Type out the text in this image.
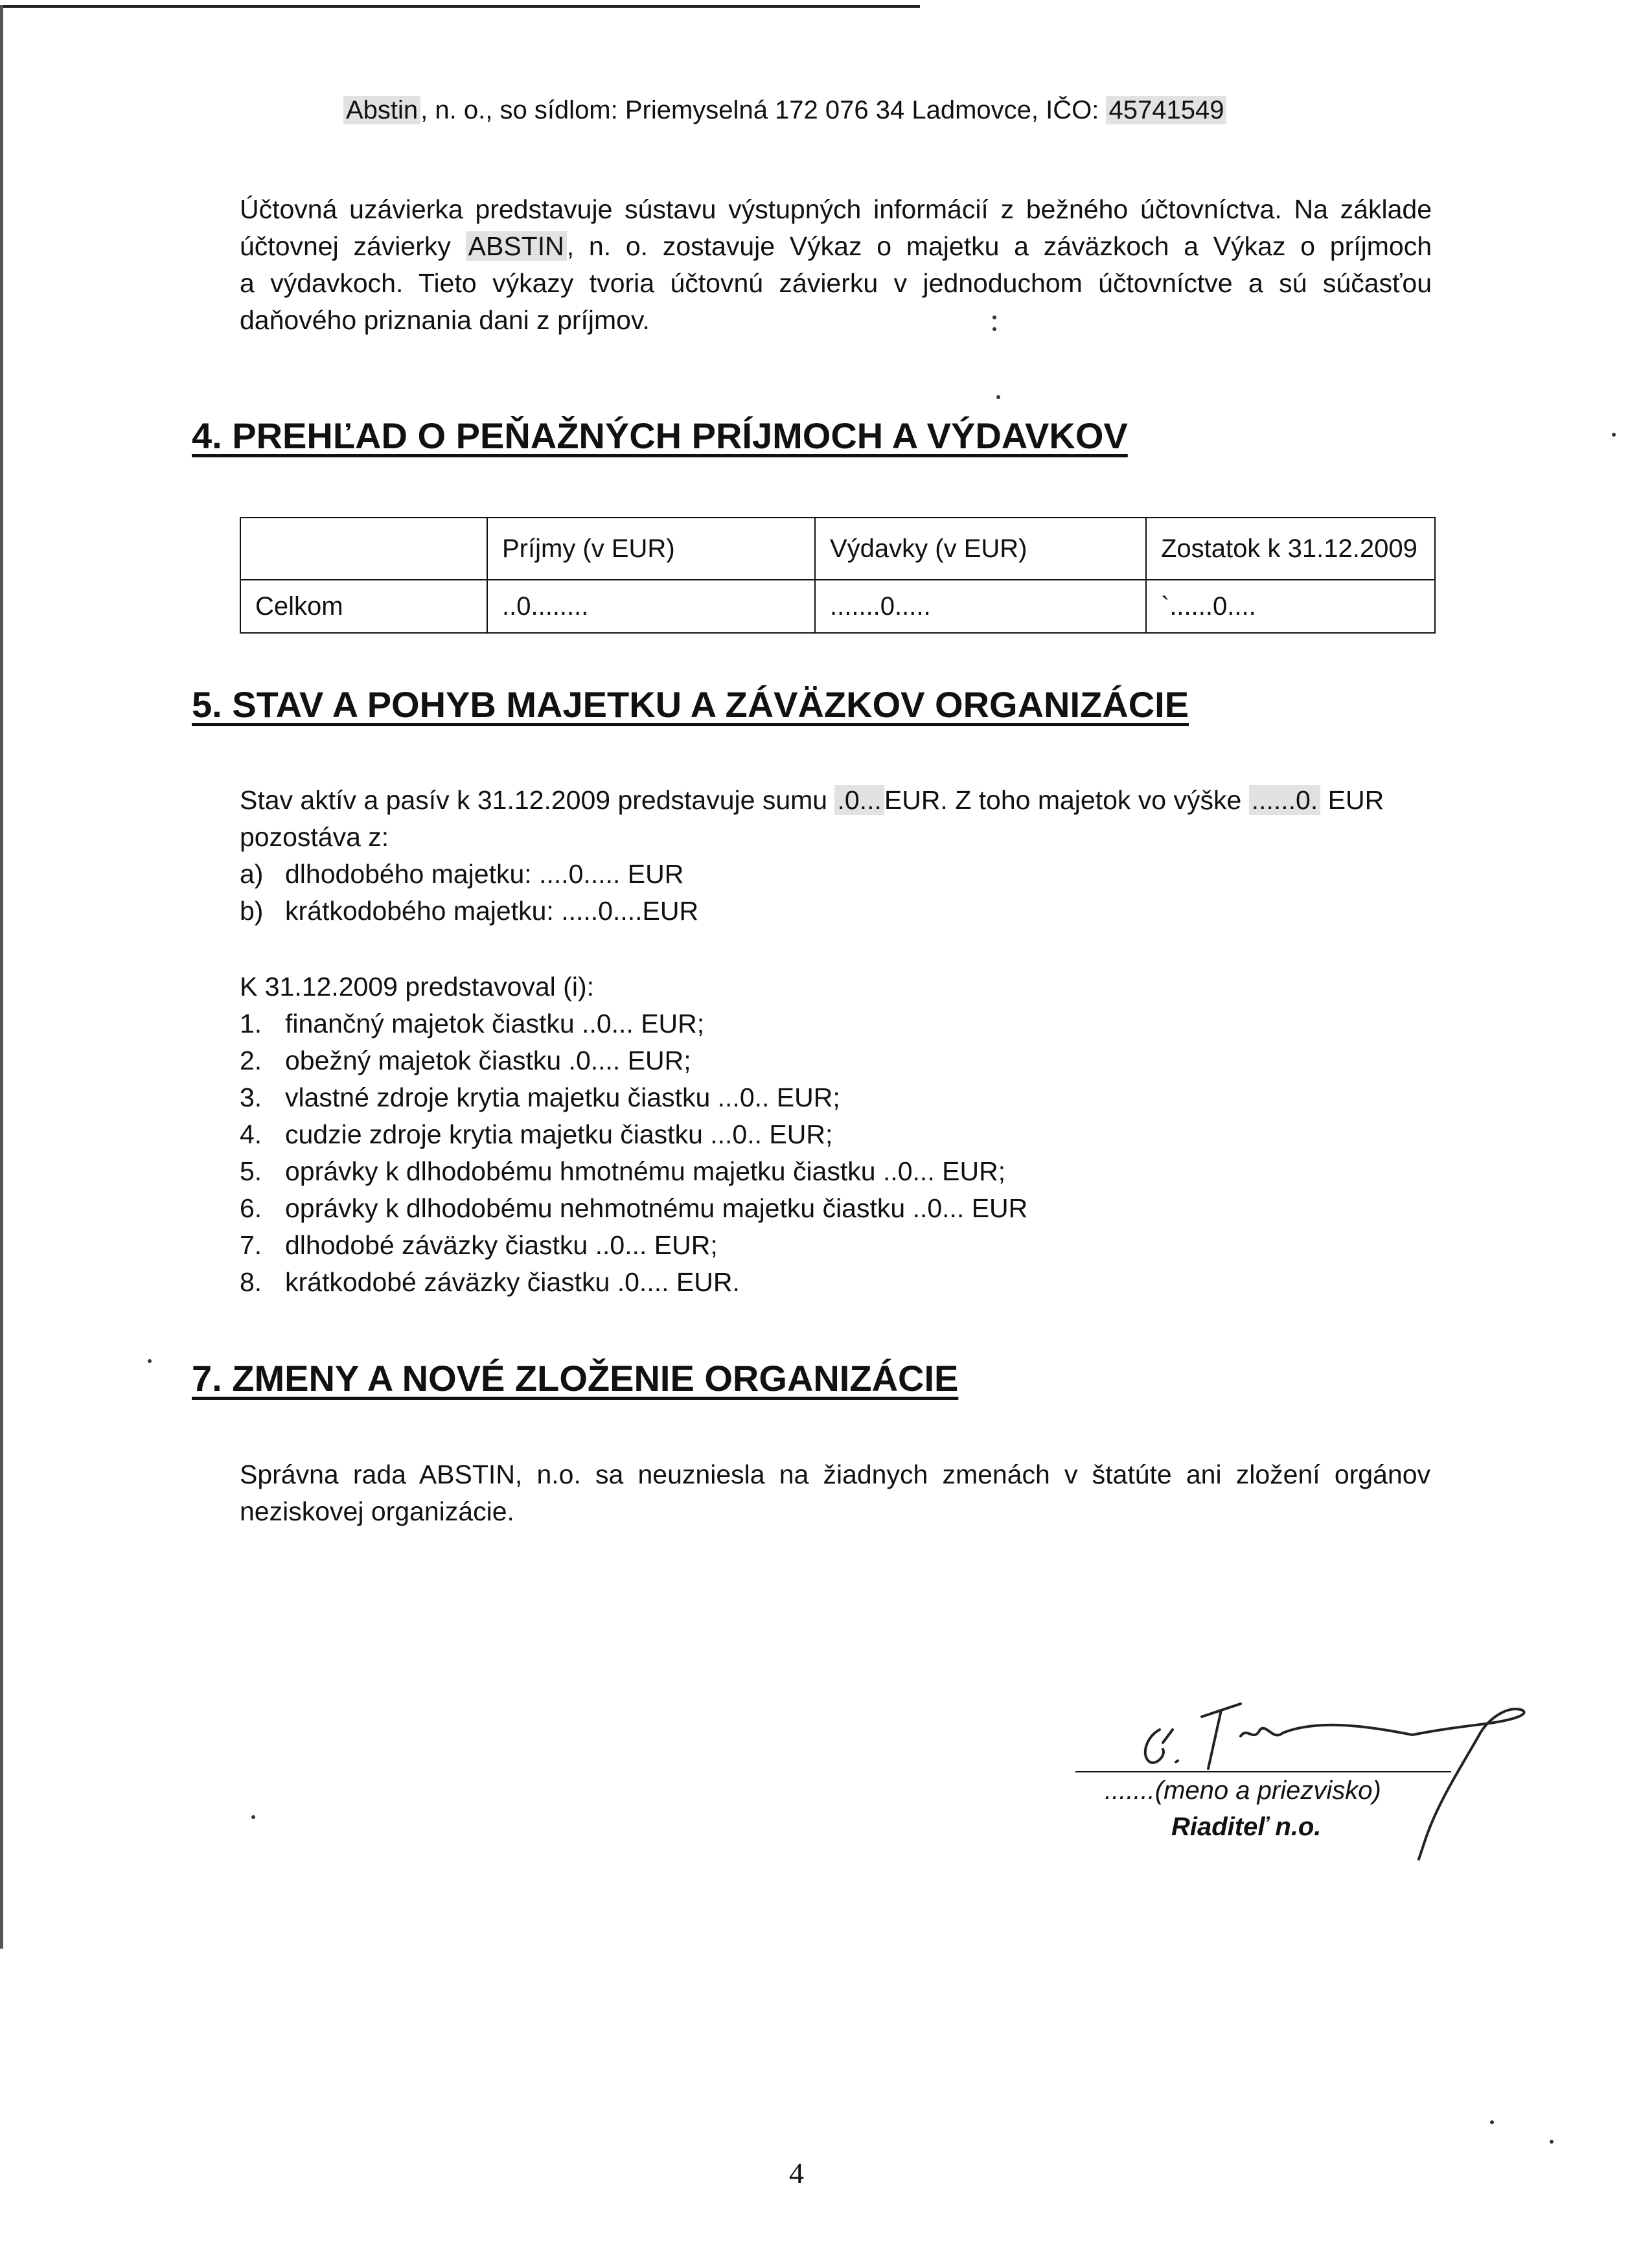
Abstin , n. o., so sídlom: Priemyselná 172 076 34 Ladmovce, IČO: 45741549
Účtovná uzávierka predstavuje sústavu výstupných informácií z bežného účtovníctva. Na základe
účtovnej závierky ABSTIN, n. o. zostavuje Výkaz o majetku a záväzkoch a Výkaz o príjmoch
a výdavkoch. Tieto výkazy tvoria účtovnú závierku v jednoduchom účtovníctve a sú súčasťou
daňového priznania dani z príjmov.
4. PREHĽAD O PEŇAŽNÝCH PRÍJMOCH A VÝDAVKOV
	Príjmy (v EUR)	Výdavky (v EUR)	Zostatok k 31.12.2009
Celkom	..0........	.......0.....	`......0....
5. STAV A POHYB MAJETKU A ZÁVÄZKOV ORGANIZÁCIE
Stav aktív a pasív k 31.12.2009 predstavuje sumu .0...EUR. Z toho majetok vo výške ......0. EUR
pozostáva z:
a) dlhodobého majetku: ....0..... EUR
b) krátkodobého majetku: .....0....EUR
K 31.12.2009 predstavoval (i):
1. finančný majetok čiastku ..0... EUR;
2. obežný majetok čiastku .0.... EUR;
3. vlastné zdroje krytia majetku čiastku ...0.. EUR;
4. cudzie zdroje krytia majetku čiastku ...0.. EUR;
5. oprávky k dlhodobému hmotnému majetku čiastku ..0... EUR;
6. oprávky k dlhodobému nehmotnému majetku čiastku ..0... EUR
7. dlhodobé záväzky čiastku ..0... EUR;
8. krátkodobé záväzky čiastku .0.... EUR.
7. ZMENY A NOVÉ ZLOŽENIE ORGANIZÁCIE
Správna rada ABSTIN, n.o. sa neuzniesla na žiadnych zmenách v štatúte ani zložení orgánov
neziskovej organizácie.
.......(meno a priezvisko)
Riaditeľ n.o.
4
